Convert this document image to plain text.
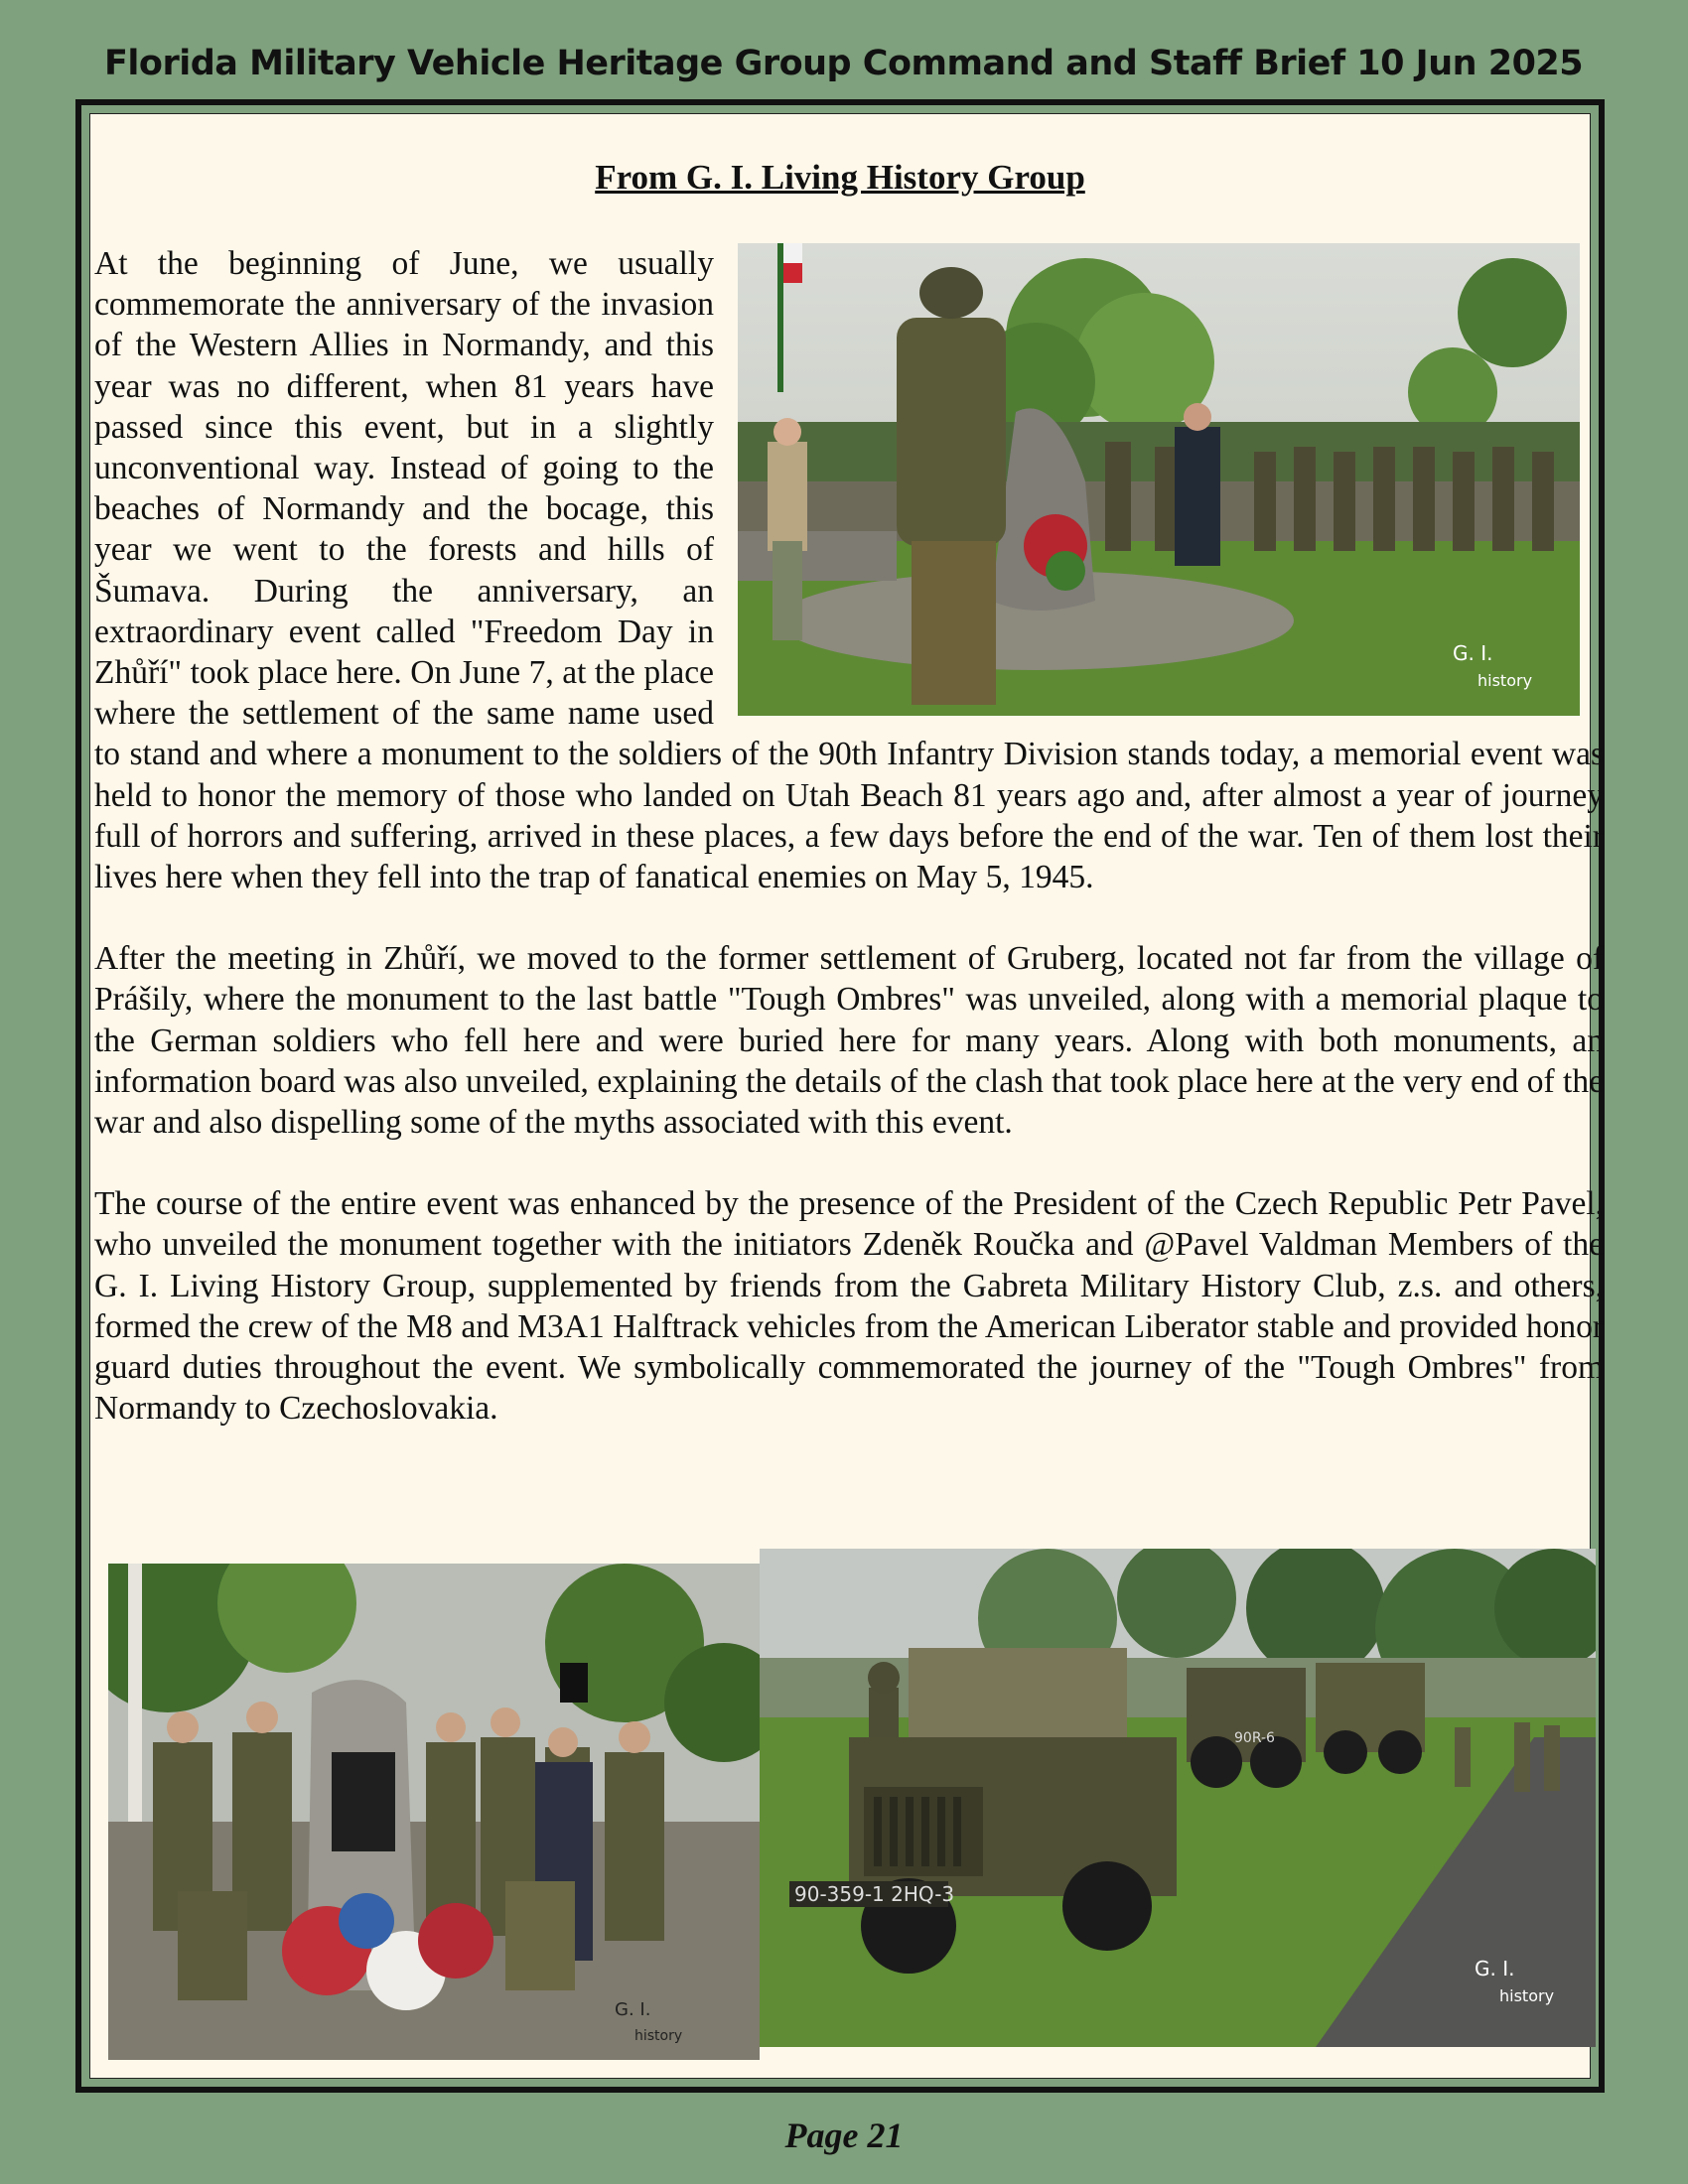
Florida Military Vehicle Heritage Group Command and Staff Brief 10 Jun 2025
From G. I. Living History Group
G. I.
history

At the beginning of June, we usually commemorate the anniversary of the invasion of the Western Allies in Normandy, and this year was no different, when 81 years have passed since this event, but in a slightly unconventional way. Instead of going to the beaches of Normandy and the bocage, this year we went to the forests and hills of Šumava. During the anniversary, an extraordinary event called "Freedom Day in Zhůří" took place here. On June 7, at the place where the settlement of the same name used to stand and where a monument to the soldiers of the 90th Infantry Division stands today, a memorial event was held to honor the memory of those who landed on Utah Beach 81 years ago and, after almost a year of journey full of horrors and suffering, arrived in these places, a few days before the end of the war. Ten of them lost their lives here when they fell into the trap of fanatical enemies on May 5, 1945.

After the meeting in Zhůří, we moved to the former settlement of Gruberg, located not far from the village of Prášily, where the monument to the last battle "Tough Ombres" was unveiled, along with a memorial plaque to the German soldiers who fell here and were buried here for many years. Along with both monuments, an information board was also unveiled, explaining the details of the clash that took place here at the very end of the war and also dispelling some of the myths associated with this event.

The course of the entire event was enhanced by the presence of the President of the Czech Republic Petr Pavel, who unveiled the monument together with the initiators Zdeněk Roučka and @Pavel Valdman Members of the G. I. Living History Group, supplemented by friends from the Gabreta Military History Club, z.s. and others, formed the crew of the M8 and M3A1 Halftrack vehicles from the American Liberator stable and provided honor guard duties throughout the event. We symbolically commemorated the journey of the "Tough Ombres" from Normandy to Czechoslovakia.

G. I.
history
90-359-1 2HQ-3
90R-6
G. I.
history
Page 21
